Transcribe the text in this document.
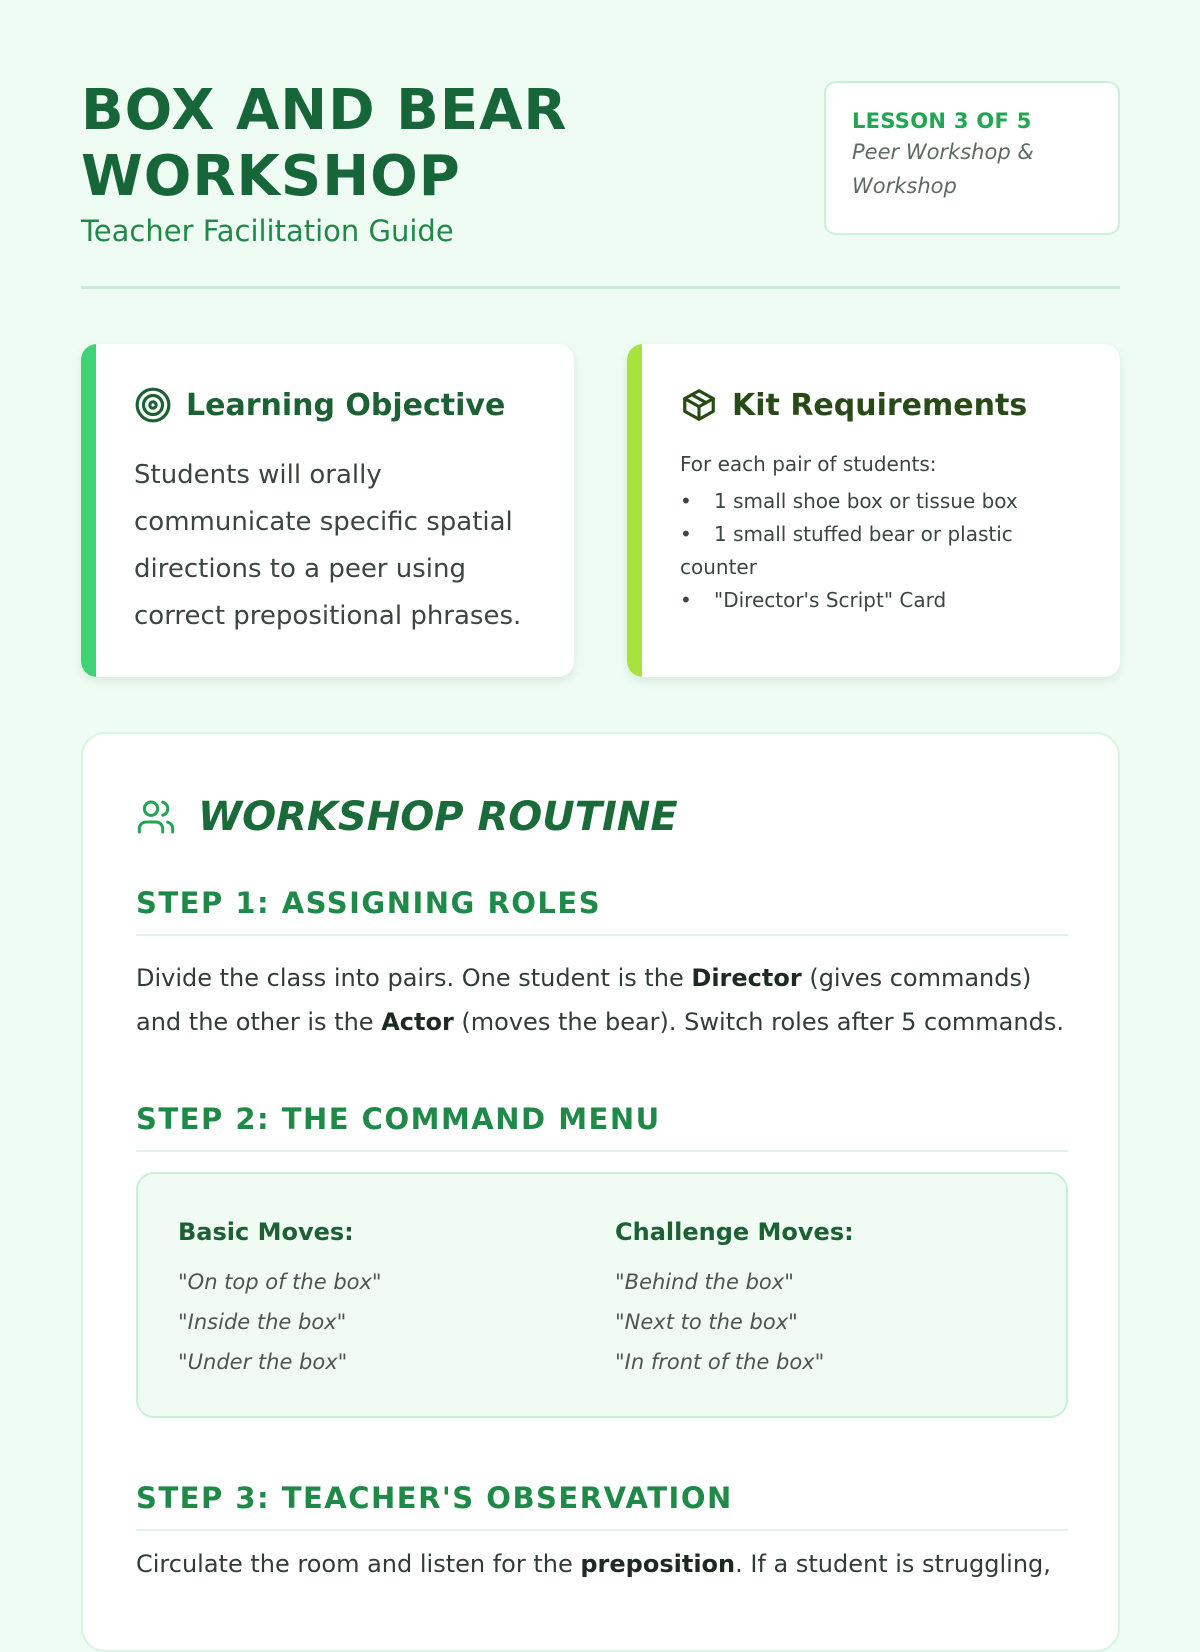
BOX AND BEAR
WORKSHOP
Teacher Facilitation Guide
LESSON 3 OF 5
Peer Workshop & Workshop
Learning Objective
Students will orally communicate specific spatial directions to a peer using correct prepositional phrases.
Kit Requirements
For each pair of students:
• 1 small shoe box or tissue box
• 1 small stuffed bear or plastic counter
• "Director's Script" Card
WORKSHOP ROUTINE
STEP 1: ASSIGNING ROLES
Divide the class into pairs. One student is the Director (gives commands) and the other is the Actor (moves the bear). Switch roles after 5 commands.
STEP 2: THE COMMAND MENU
Basic Moves:
"On top of the box"
"Inside the box"
"Under the box"
Challenge Moves:
"Behind the box"
"Next to the box"
"In front of the box"
STEP 3: TEACHER'S OBSERVATION
Circulate the room and listen for the preposition. If a student is struggling,
